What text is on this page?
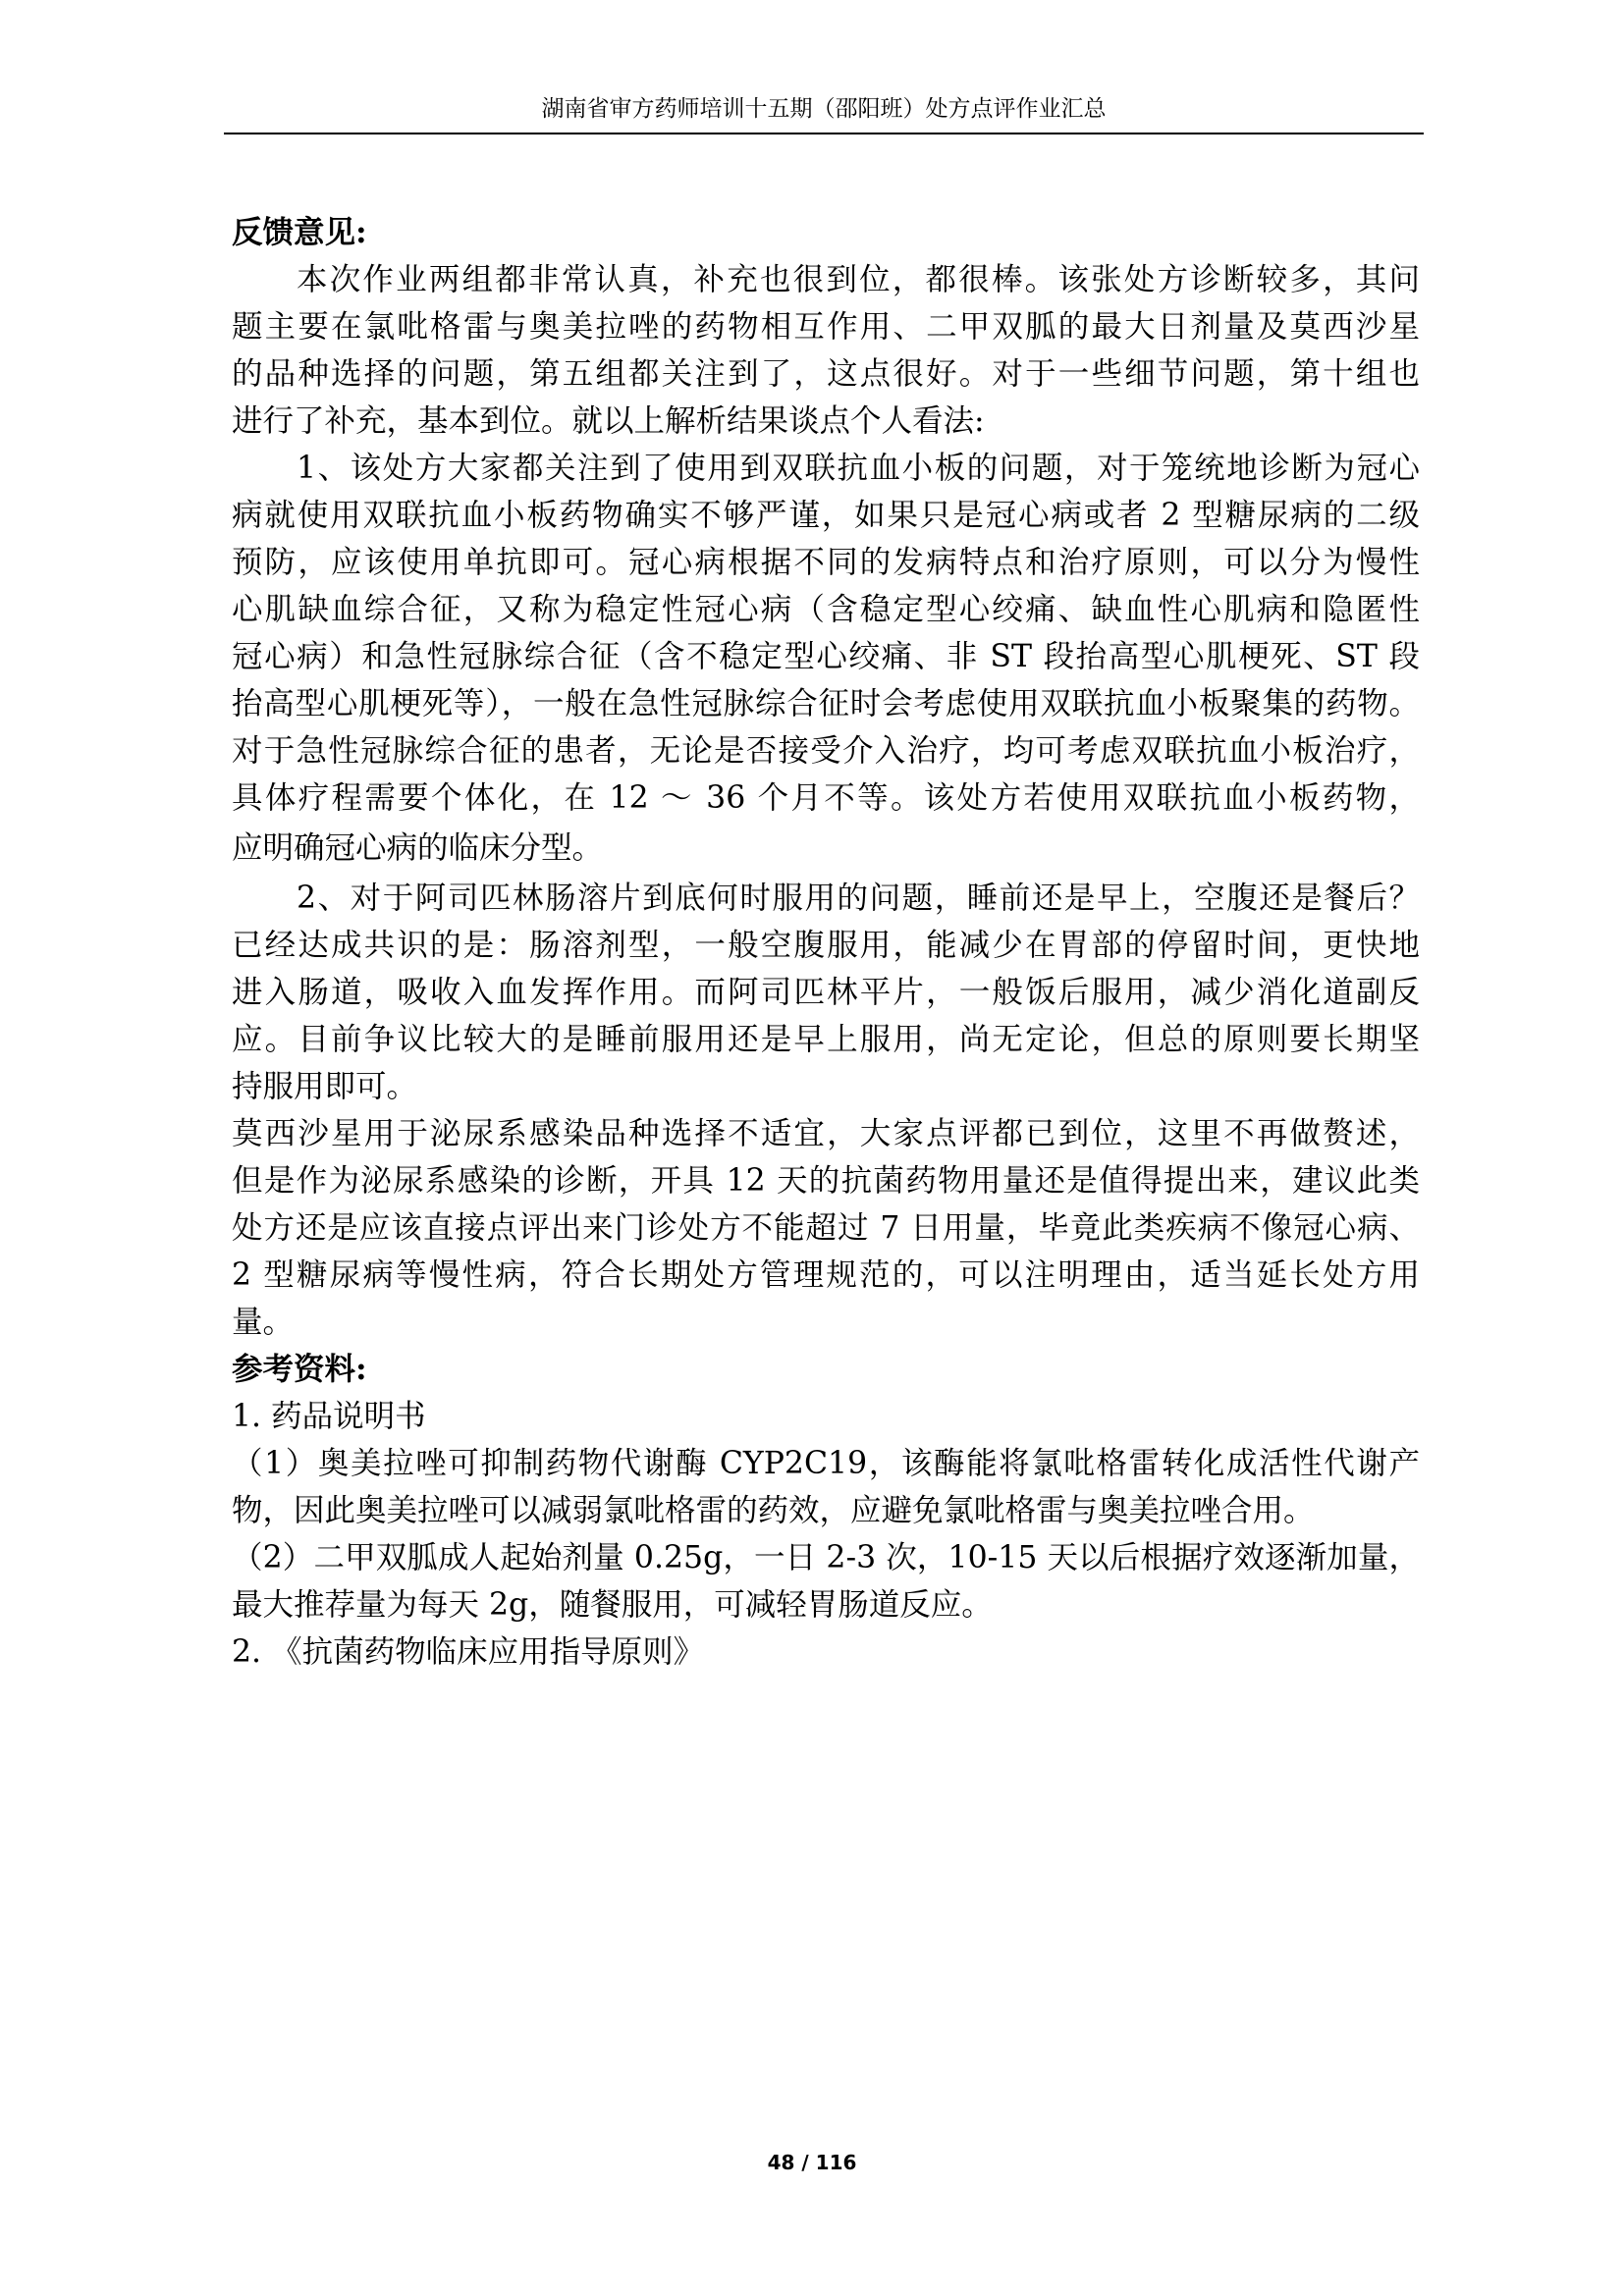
湖南省审方药师培训十五期（邵阳班）处方点评作业汇总
反馈意见:
本次作业两组都非常认真，补充也很到位，都很棒。该张处方诊断较多，其问
题主要在氯吡格雷与奥美拉唑的药物相互作用、二甲双胍的最大日剂量及莫西沙星
的品种选择的问题，第五组都关注到了，这点很好。对于一些细节问题，第十组也
进行了补充，基本到位。就以上解析结果谈点个人看法:
1、该处方大家都关注到了使用到双联抗血小板的问题，对于笼统地诊断为冠心
病就使用双联抗血小板药物确实不够严谨，如果只是冠心病或者 2 型糖尿病的二级
预防，应该使用单抗即可。冠心病根据不同的发病特点和治疗原则，可以分为慢性
心肌缺血综合征，又称为稳定性冠心病（含稳定型心绞痛、缺血性心肌病和隐匿性
冠心病）和急性冠脉综合征（含不稳定型心绞痛、非 ST 段抬高型心肌梗死、ST 段
抬高型心肌梗死等），一般在急性冠脉综合征时会考虑使用双联抗血小板聚集的药物。
对于急性冠脉综合征的患者，无论是否接受介入治疗，均可考虑双联抗血小板治疗，
具体疗程需要个体化，在 12 ～ 36 个月不等。该处方若使用双联抗血小板药物，
应明确冠心病的临床分型。
2、对于阿司匹林肠溶片到底何时服用的问题，睡前还是早上，空腹还是餐后？
已经达成共识的是：肠溶剂型，一般空腹服用，能减少在胃部的停留时间，更快地
进入肠道，吸收入血发挥作用。而阿司匹林平片，一般饭后服用，减少消化道副反
应。目前争议比较大的是睡前服用还是早上服用，尚无定论，但总的原则要长期坚
持服用即可。
莫西沙星用于泌尿系感染品种选择不适宜，大家点评都已到位，这里不再做赘述，
但是作为泌尿系感染的诊断，开具 12 天的抗菌药物用量还是值得提出来，建议此类
处方还是应该直接点评出来门诊处方不能超过 7 日用量，毕竟此类疾病不像冠心病、
2 型糖尿病等慢性病，符合长期处方管理规范的，可以注明理由，适当延长处方用
量。
参考资料:
1. 药品说明书
（1）奥美拉唑可抑制药物代谢酶 CYP2C19，该酶能将氯吡格雷转化成活性代谢产
物，因此奥美拉唑可以减弱氯吡格雷的药效，应避免氯吡格雷与奥美拉唑合用。
（2）二甲双胍成人起始剂量 0.25g，一日 2-3 次，10-15 天以后根据疗效逐渐加量，
最大推荐量为每天 2g，随餐服用，可减轻胃肠道反应。
2. 《抗菌药物临床应用指导原则》
48 / 116
